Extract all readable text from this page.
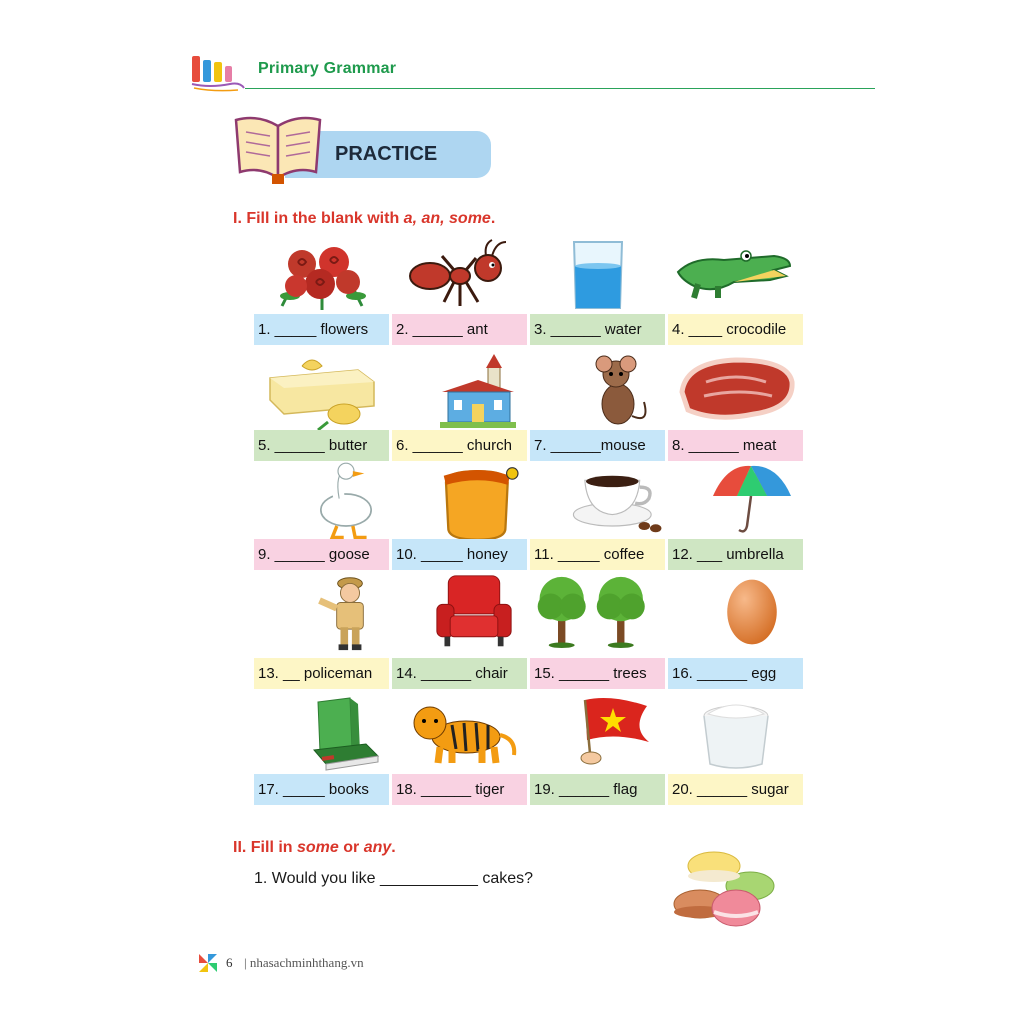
Primary Grammar
PRACTICE
I. Fill in the blank with a, an, some.
1. _____ flowers	2. ______ ant	3. ______ water	4. ____ crocodile
5. ______ butter	6. ______ church	7. ______mouse	8. ______ meat
9. ______ goose	10. _____ honey	11. _____ coffee	12. ___ umbrella
13. __ policeman	14. ______ chair	15. ______ trees	16. ______ egg
17. _____ books	18. ______ tiger	19. ______ flag	20. ______ sugar
II. Fill in some or any.
1. Would you like ___________ cakes?
6 | nhasachminhthang.vn
